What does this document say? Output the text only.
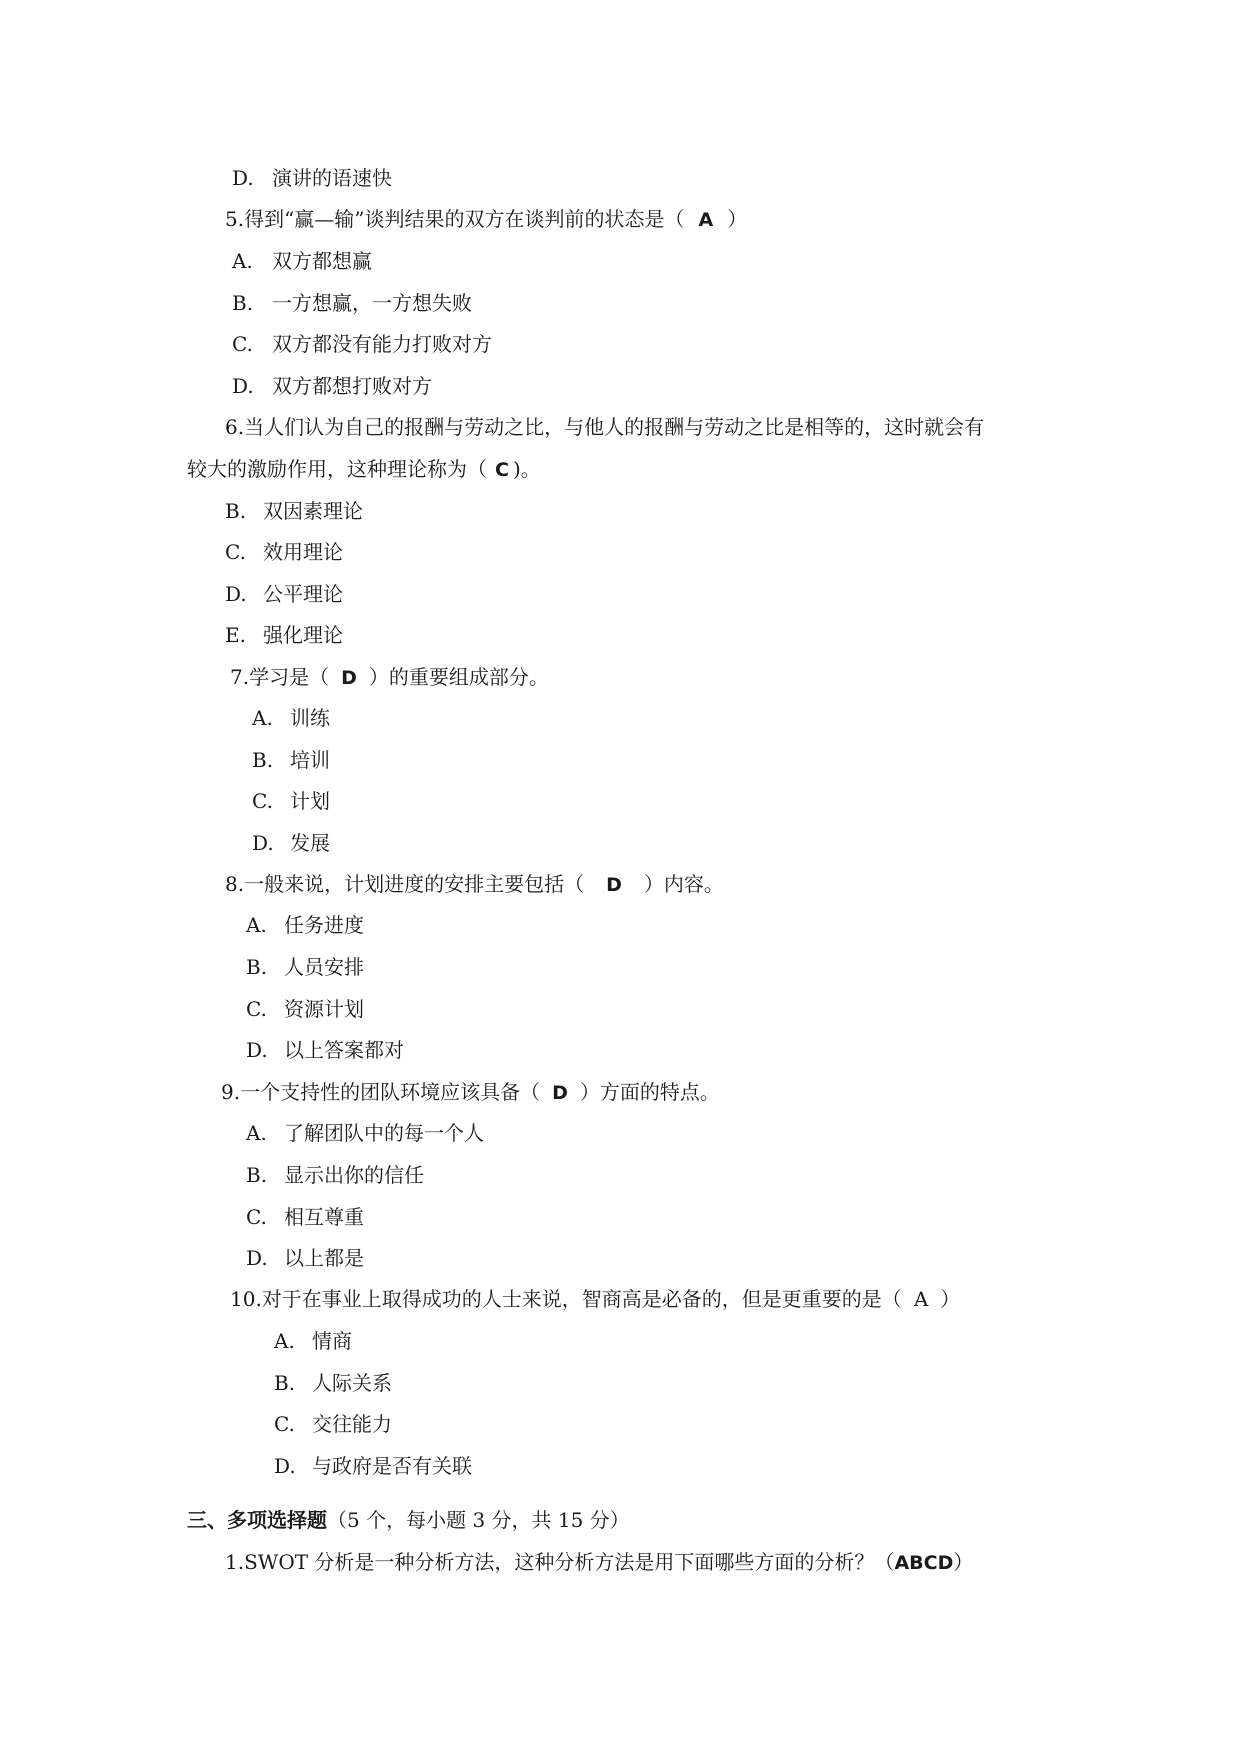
D. 演讲的语速快
5.得到“赢—输”谈判结果的双方在谈判前的状态是（ A ）
A. 双方都想赢
B. 一方想赢，一方想失败
C. 双方都没有能力打败对方
D. 双方都想打败对方
6.当人们认为自己的报酬与劳动之比，与他人的报酬与劳动之比是相等的，这时就会有
较大的激励作用，这种理论称为（ C )。
B. 双因素理论
C. 效用理论
D. 公平理论
E. 强化理论
7.学习是（ D ）的重要组成部分。
A. 训练
B. 培训
C. 计划
D. 发展
8.一般来说，计划进度的安排主要包括（ D ）内容。
A. 任务进度
B. 人员安排
C. 资源计划
D. 以上答案都对
9.一个支持性的团队环境应该具备（ D ）方面的特点。
A. 了解团队中的每一个人
B. 显示出你的信任
C. 相互尊重
D. 以上都是
10.对于在事业上取得成功的人士来说，智商高是必备的，但是更重要的是（ A ）
A. 情商
B. 人际关系
C. 交往能力
D. 与政府是否有关联
三、多项选择题（5 个，每小题 3 分，共 15 分）
1.SWOT 分析是一种分析方法，这种分析方法是用下面哪些方面的分析？（ABCD）
